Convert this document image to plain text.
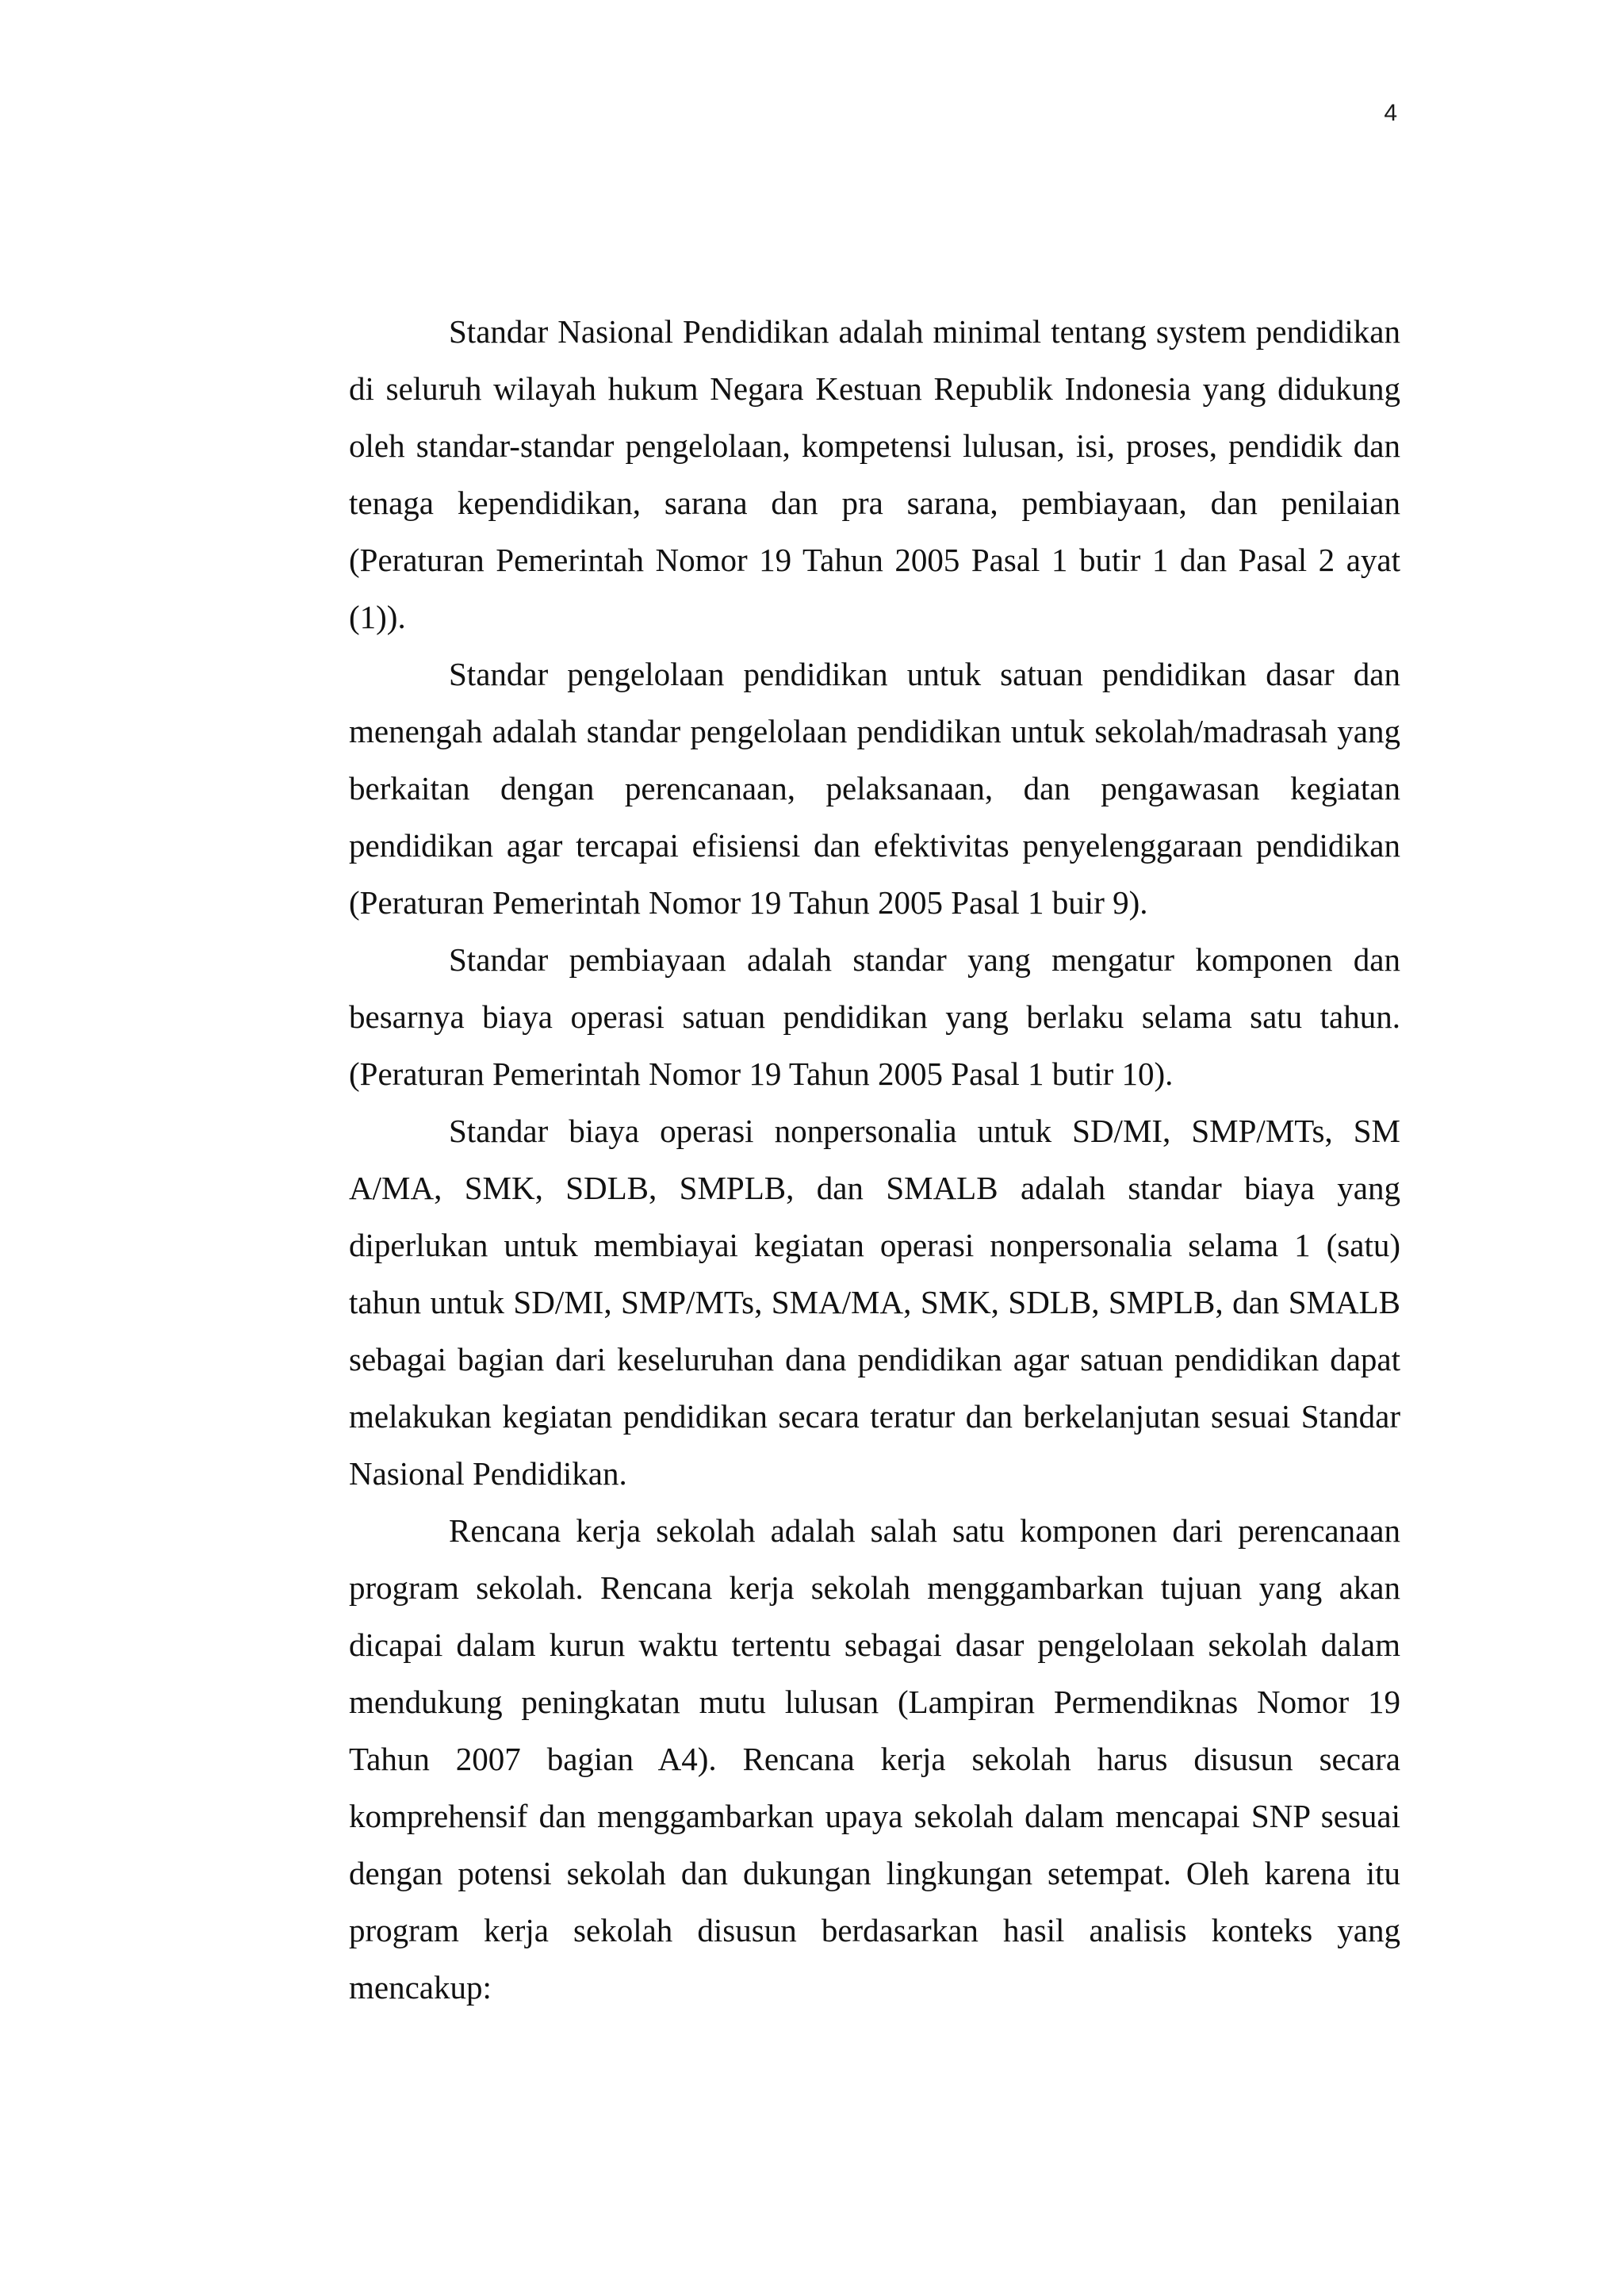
4

Standar Nasional Pendidikan adalah minimal tentang system pendidikan di seluruh wilayah hukum Negara Kestuan Republik Indonesia yang didukung oleh standar-standar pengelolaan, kompetensi lulusan, isi, proses, pendidik dan tenaga kependidikan, sarana dan pra sarana, pembiayaan, dan penilaian (Peraturan Pemerintah Nomor 19 Tahun 2005 Pasal 1 butir 1 dan Pasal 2 ayat (1)).

Standar pengelolaan pendidikan untuk satuan pendidikan dasar dan menengah adalah standar pengelolaan pendidikan untuk sekolah/madrasah yang berkaitan dengan perencanaan, pelaksanaan, dan pengawasan kegiatan pendidikan agar tercapai efisiensi dan efektivitas penyelenggaraan pendidikan (Peraturan Pemerintah Nomor 19 Tahun 2005 Pasal 1 buir 9).

Standar pembiayaan adalah standar yang mengatur komponen dan besarnya biaya operasi satuan pendidikan yang berlaku selama satu tahun. (Peraturan Pemerintah Nomor 19 Tahun 2005 Pasal 1 butir 10).

Standar biaya operasi nonpersonalia untuk SD/MI, SMP/MTs, SM A/MA, SMK, SDLB, SMPLB, dan SMALB adalah standar biaya yang diperlukan untuk membiayai kegiatan operasi nonpersonalia selama 1 (satu) tahun untuk SD/MI, SMP/MTs, SMA/MA, SMK, SDLB, SMPLB, dan SMALB sebagai bagian dari keseluruhan dana pendidikan agar satuan pendidikan dapat melakukan kegiatan pendidikan secara teratur dan berkelanjutan sesuai Standar Nasional Pendidikan.

Rencana kerja sekolah adalah salah satu komponen dari perencanaan program sekolah. Rencana kerja sekolah menggambarkan tujuan yang akan dicapai dalam kurun waktu tertentu sebagai dasar pengelolaan sekolah dalam mendukung peningkatan mutu lulusan (Lampiran Permendiknas Nomor 19 Tahun 2007 bagian A4). Rencana kerja sekolah harus disusun secara komprehensif dan menggambarkan upaya sekolah dalam mencapai SNP sesuai dengan potensi sekolah dan dukungan lingkungan setempat. Oleh karena itu program kerja sekolah disusun berdasarkan hasil analisis konteks yang mencakup:
